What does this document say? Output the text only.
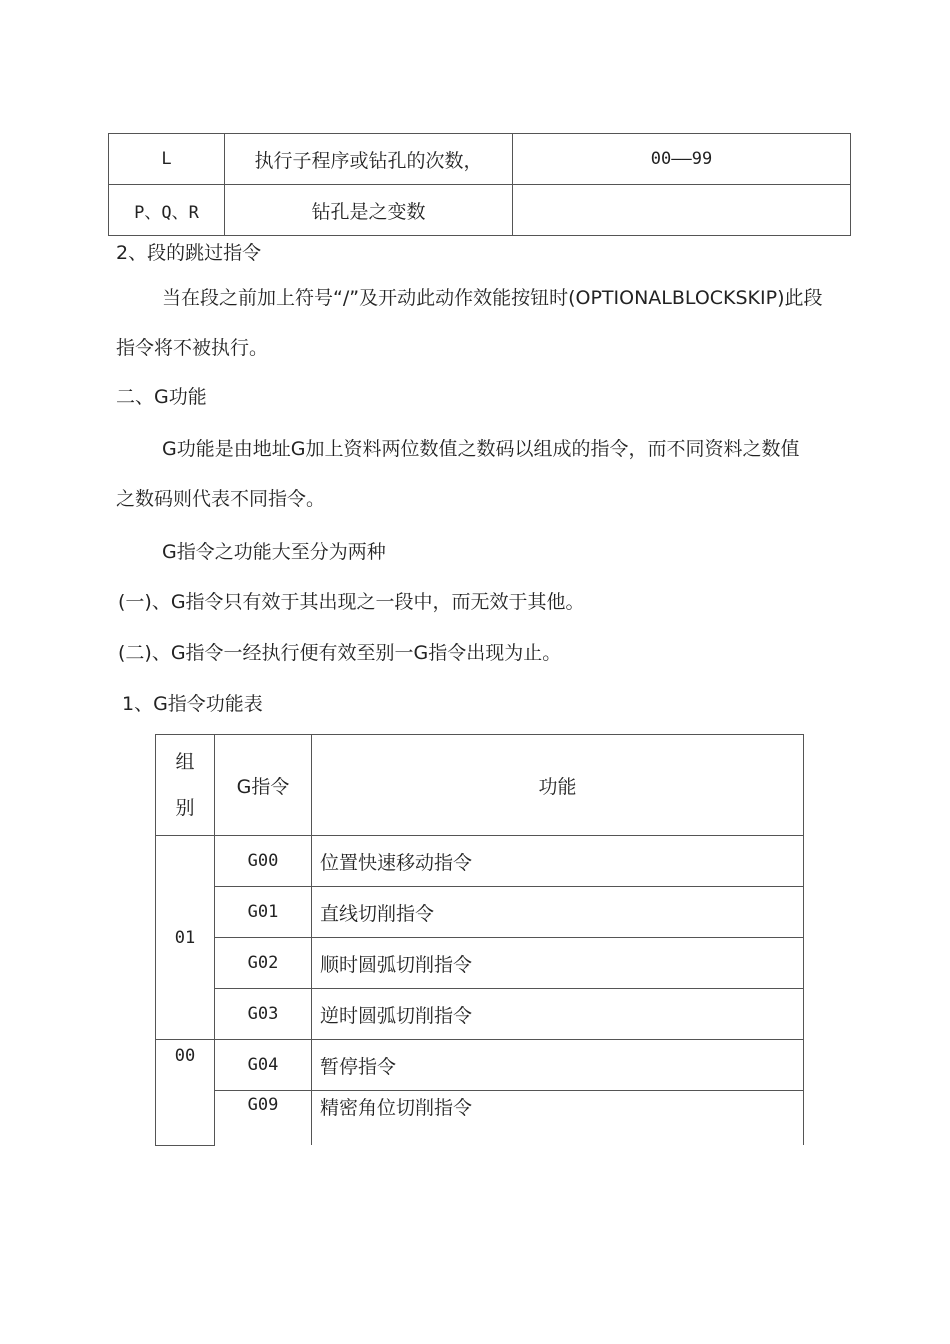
L	执行子程序或钻孔的次数，	00——99
P、Q、R	钻孔是之变数	
2、段的跳过指令
当在段之前加上符号“/”及开动此动作效能按钮时(OPTIONALBLOCKSKIP)此段
指令将不被执行。
二、G功能
G功能是由地址G加上资料两位数值之数码以组成的指令，而不同资料之数值
之数码则代表不同指令。
G指令之功能大至分为两种
(一)、G指令只有效于其出现之一段中，而无效于其他。
(二)、G指令一经执行便有效至别一G指令出现为止。
1、G指令功能表
组
别	G指令	功能
01	G00	位置快速移动指令
	G01	直线切削指令
	G02	顺时圆弧切削指令
	G03	逆时圆弧切削指令
00	G04	暂停指令
	G09	精密角位切削指令
